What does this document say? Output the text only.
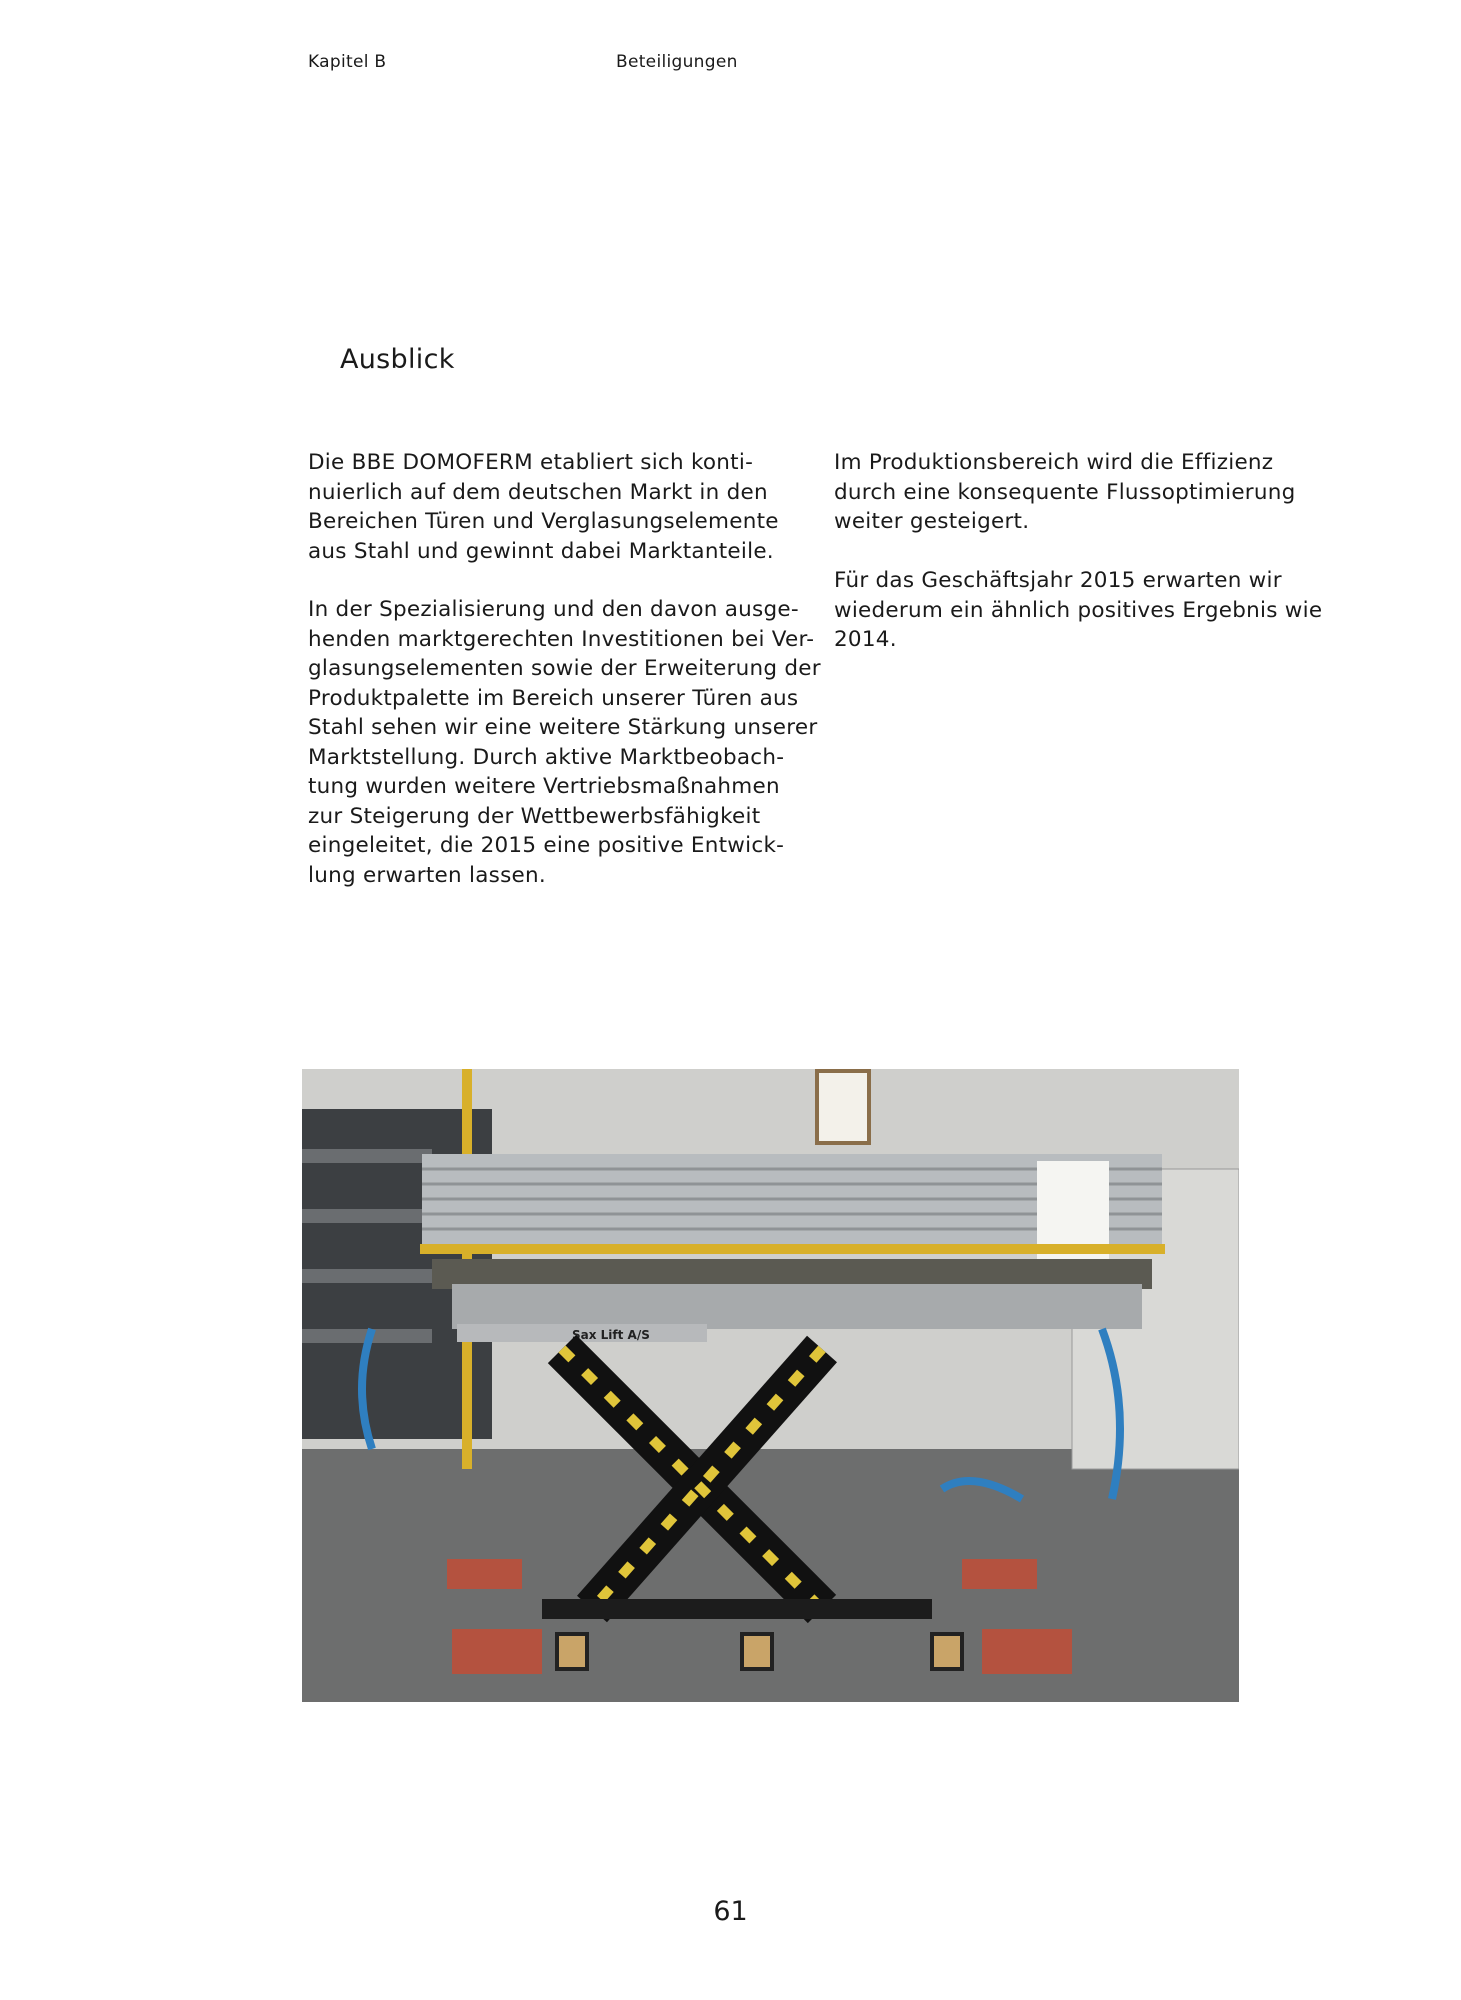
Kapitel B	Beteiligungen
Ausblick
Die BBE DOMOFERM etabliert sich konti-
nuierlich auf dem deutschen Markt in den
Bereichen Türen und Verglasungselemente
aus Stahl und gewinnt dabei Marktanteile.
In der Spezialisierung und den davon ausge-
henden marktgerechten Investitionen bei Ver-
glasungselementen sowie der Erweiterung der
Produktpalette im Bereich unserer Türen aus
Stahl sehen wir eine weitere Stärkung unserer
Marktstellung. Durch aktive Marktbeobach-
tung wurden weitere Vertriebsmaßnahmen
zur Steigerung der Wettbewerbsfähigkeit
eingeleitet, die 2015 eine positive Entwick-
lung erwarten lassen.
Im Produktionsbereich wird die Effizienz
durch eine konsequente Flussoptimierung
weiter gesteigert.
Für das Geschäftsjahr 2015 erwarten wir
wiederum ein ähnlich positives Ergebnis wie
2014.
Sax Lift A/S
61
